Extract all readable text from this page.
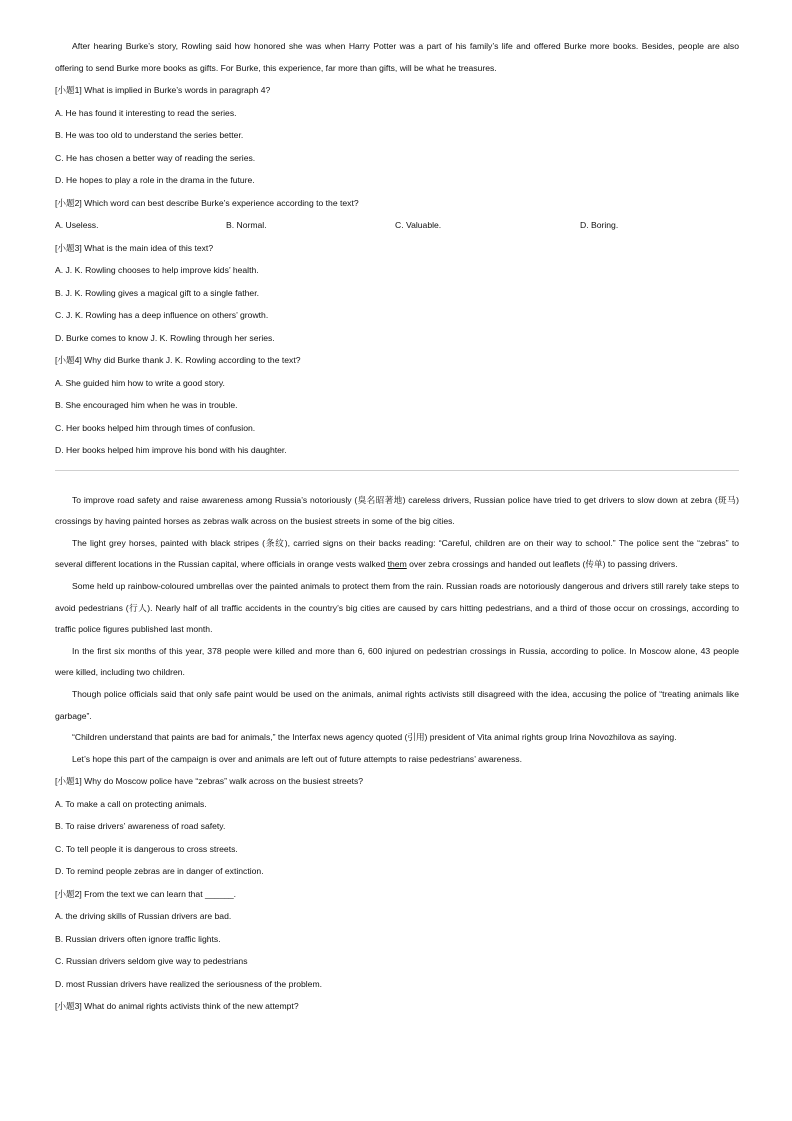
After hearing Burke’s story, Rowling said how honored she was when Harry Potter was a part of his family’s life and offered Burke more books. Besides, people are also offering to send Burke more books as gifts. For Burke, this experience, far more than gifts, will be what he treasures.

[小题1] What is implied in Burke’s words in paragraph 4?

A. He has found it interesting to read the series.

B. He was too old to understand the series better.

C. He has chosen a better way of reading the series.

D. He hopes to play a role in the drama in the future.

[小题2] Which word can best describe Burke’s experience according to the text?

A. Useless.	B. Normal.	C. Valuable.	D. Boring.

[小题3] What is the main idea of this text?

A. J. K. Rowling chooses to help improve kids’ health.

B. J. K. Rowling gives a magical gift to a single father.

C. J. K. Rowling has a deep influence on others’ growth.

D. Burke comes to know J. K. Rowling through her series.

[小题4] Why did Burke thank J. K. Rowling according to the text?

A. She guided him how to write a good story.

B. She encouraged him when he was in trouble.

C. Her books helped him through times of confusion.

D. Her books helped him improve his bond with his daughter.

To improve road safety and raise awareness among Russia’s notoriously (臭名昭著地) careless drivers, Russian police have tried to get drivers to slow down at zebra (斑马) crossings by having painted horses as zebras walk across on the busiest streets in some of the big cities.

The light grey horses, painted with black stripes (条纹), carried signs on their backs reading: “Careful, children are on their way to school.” The police sent the “zebras” to several different locations in the Russian capital, where officials in orange vests walked them over zebra crossings and handed out leaflets (传单) to passing drivers.

Some held up rainbow-coloured umbrellas over the painted animals to protect them from the rain. Russian roads are notoriously dangerous and drivers still rarely take steps to avoid pedestrians (行人). Nearly half of all traffic accidents in the country’s big cities are caused by cars hitting pedestrians, and a third of those occur on crossings, according to traffic police figures published last month.

In the first six months of this year, 378 people were killed and more than 6, 600 injured on pedestrian crossings in Russia, according to police. In Moscow alone, 43 people were killed, including two children.

Though police officials said that only safe paint would be used on the animals, animal rights activists still disagreed with the idea, accusing the police of “treating animals like garbage”.

“Children understand that paints are bad for animals,” the Interfax news agency quoted (引用) president of Vita animal rights group Irina Novozhilova as saying.

Let’s hope this part of the campaign is over and animals are left out of future attempts to raise pedestrians’ awareness.

[小题1] Why do Moscow police have “zebras” walk across on the busiest streets?

A. To make a call on protecting animals.

B. To raise drivers’ awareness of road safety.

C. To tell people it is dangerous to cross streets.

D. To remind people zebras are in danger of extinction.

[小题2] From the text we can learn that ______.

A. the driving skills of Russian drivers are bad.

B. Russian drivers often ignore traffic lights.

C. Russian drivers seldom give way to pedestrians

D. most Russian drivers have realized the seriousness of the problem.

[小题3] What do animal rights activists think of the new attempt?
